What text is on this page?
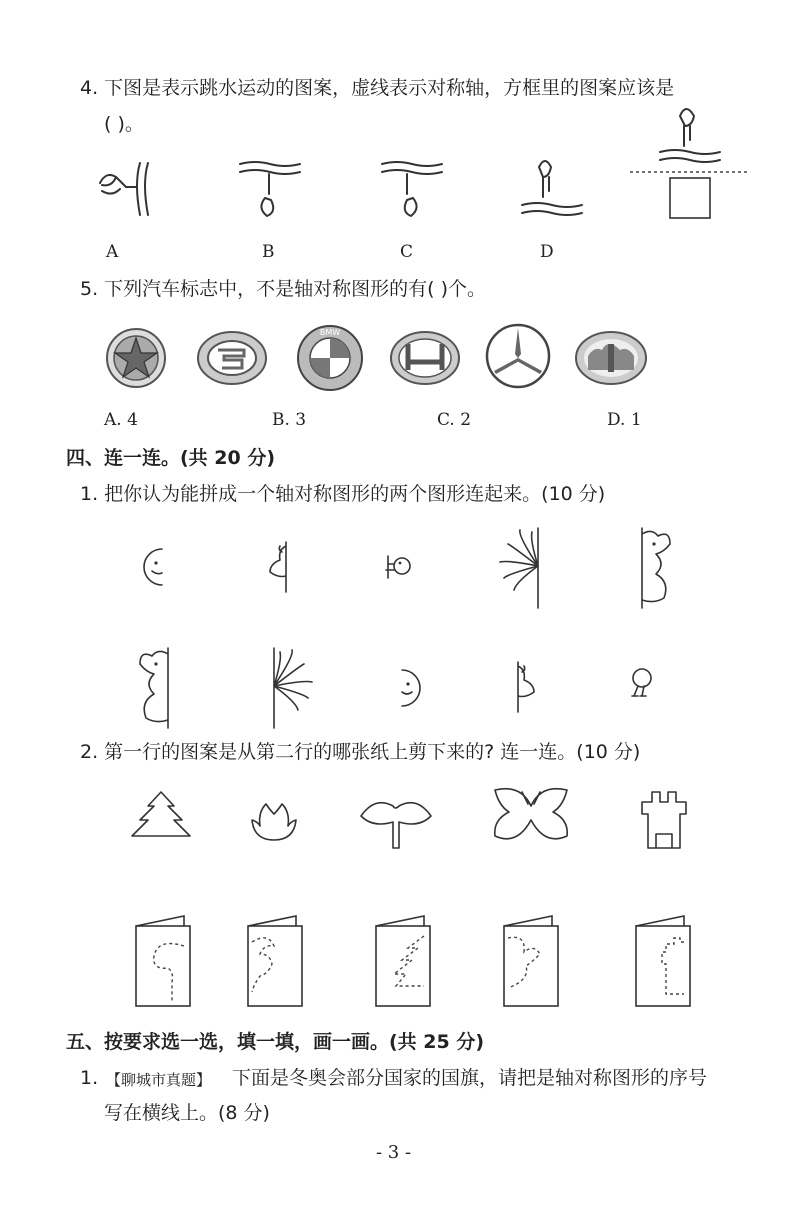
4. 下图是表示跳水运动的图案，虚线表示对称轴，方框里的图案应该是
( )。
A	B	C	D
5. 下列汽车标志中，不是轴对称图形的有( )个。
BMW
A. 4	B. 3	C. 2	D. 1
四、连一连。(共 20 分)
1. 把你认为能拼成一个轴对称图形的两个图形连起来。(10 分)
2. 第一行的图案是从第二行的哪张纸上剪下来的? 连一连。(10 分)
五、按要求选一选，填一填，画一画。(共 25 分)
1. 【聊城市真题】 下面是冬奥会部分国家的国旗，请把是轴对称图形的序号
写在横线上。(8 分)
- 3 -
